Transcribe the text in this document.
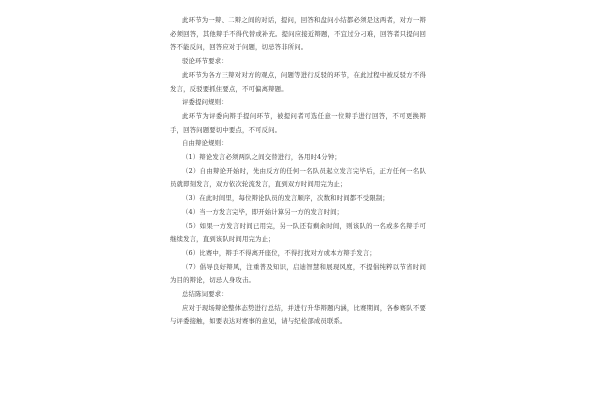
此环节为一辩、二辩之间的对话，提问，回答和盘问小结都必须是这两者，对方一辩必须回答，其他辩手不得代替或补充。提问应接近辩题，不宜过分刁难，回答者只提问回答不能反问，回答应对于问题，切忌答非所问。

驳论环节要求：

此环节为各方三辩对对方的观点，问题等进行反驳的环节，在此过程中被反驳方不得发言，反驳要抓住要点，不可偏离辩题。

评委提问规则：

此环节为评委向辩手提问环节，被提问者可选任意一位辩手进行回答，不可更换辩手，回答问题要切中要点，不可反问。

自由辩论规则：

（1）辩论发言必须两队之间交替进行，各用时4分钟；

（2）自由辩论开始时，先由反方的任何一名队员起立发言完毕后，正方任何一名队员就即刻发言，双方依次轮流发言，直到双方时间用完为止；

（3）在此时间里，每位辩论队员的发言顺序，次数和时间都不受限制；

（4）当一方发言完毕，即开始计算另一方的发言时间；

（5）如果一方发言时间已用完，另一队还有剩余时间，则该队的一名或多名辩手可继续发言，直到该队时间用完为止；

（6）比赛中，辩手不得离开座位，不得打扰对方或本方辩手发言；

（7）倡导良好辩风，注重普及知识，启迪智慧和展现风度，不提倡纯粹以节省时间为目的辩论，切忌人身攻击。

总结陈词要求：

应对于现场辩论整体态势进行总结，并进行升华辩题内涵，比赛期间，各参赛队不要与评委接触，如要表达对赛事的意见，请与纪检部成员联系。
